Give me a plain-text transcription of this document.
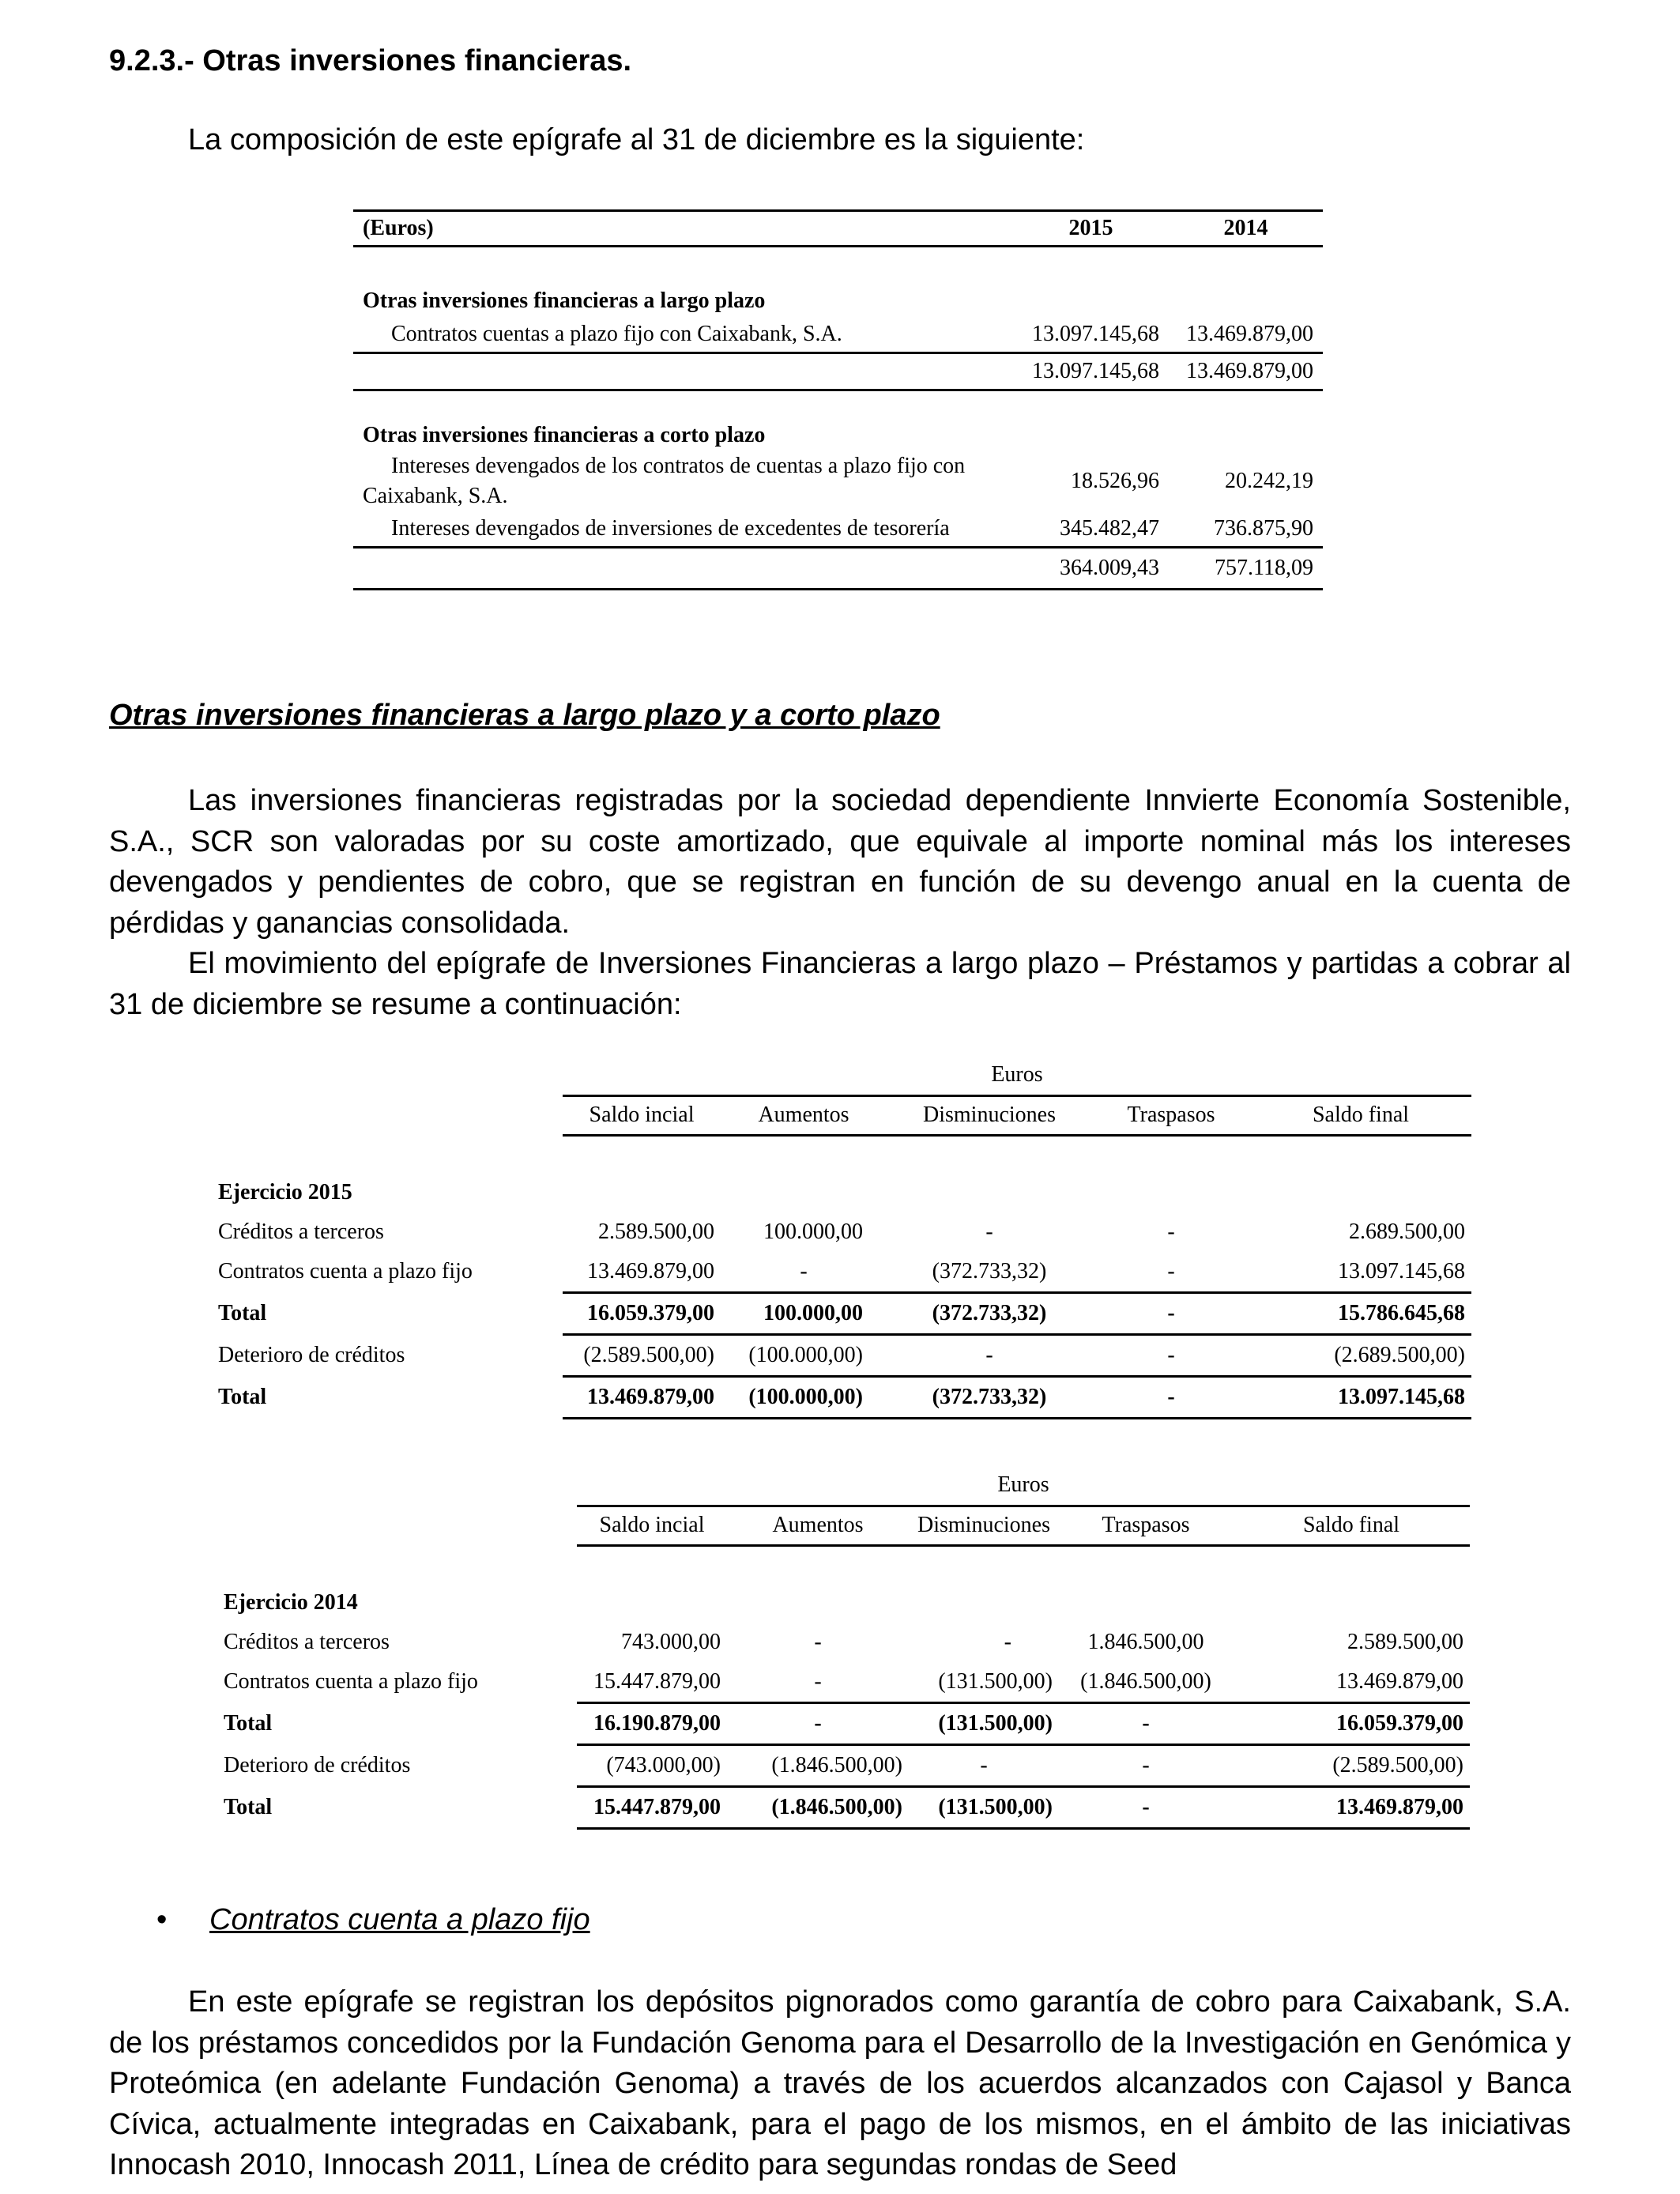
9.2.3.- Otras inversiones financieras.
La composición de este epígrafe al 31 de diciembre es la siguiente:
(Euros)	2015	2014

Otras inversiones financieras a largo plazo		
Contratos cuentas a plazo fijo con Caixabank, S.A.	13.097.145,68	13.469.879,00
	13.097.145,68	13.469.879,00

Otras inversiones financieras a corto plazo		

Intereses devengados de los contratos de cuentas a plazo fijo con
Caixabank, S.A.	18.526,96	20.242,19
Intereses devengados de inversiones de excedentes de tesorería	345.482,47	736.875,90
	364.009,43	757.118,09
Otras inversiones financieras a largo plazo y a corto plazo

Las inversiones financieras registradas por la sociedad dependiente Innvierte Economía Sostenible, S.A., SCR son valoradas por su coste amortizado, que equivale al importe nominal más los intereses devengados y pendientes de cobro, que se registran en función de su devengo anual en la cuenta de pérdidas y ganancias consolidada.

El movimiento del epígrafe de Inversiones Financieras a largo plazo – Préstamos y partidas a cobrar al 31 de diciembre se resume a continuación:

	Euros				
	Saldo incial	Aumentos	Disminuciones	Traspasos	Saldo final

Ejercicio 2015					
Créditos a terceros	2.589.500,00	100.000,00	-	-	2.689.500,00
Contratos cuenta a plazo fijo	13.469.879,00	-	(372.733,32)	-	13.097.145,68
Total	16.059.379,00	100.000,00	(372.733,32)	-	15.786.645,68
Deterioro de créditos	(2.589.500,00)	(100.000,00)	-	-	(2.689.500,00)
Total	13.469.879,00	(100.000,00)	(372.733,32)	-	13.097.145,68
	Euros				
	Saldo incial	Aumentos	Disminuciones	Traspasos	Saldo final

Ejercicio 2014					
Créditos a terceros	743.000,00	-	-	1.846.500,00	2.589.500,00
Contratos cuenta a plazo fijo	15.447.879,00	-	(131.500,00)	(1.846.500,00)	13.469.879,00
Total	16.190.879,00	-	(131.500,00)	-	16.059.379,00
Deterioro de créditos	(743.000,00)	(1.846.500,00)	-	-	(2.589.500,00)
Total	15.447.879,00	(1.846.500,00)	(131.500,00)	-	13.469.879,00
• Contratos cuenta a plazo fijo

En este epígrafe se registran los depósitos pignorados como garantía de cobro para Caixabank, S.A. de los préstamos concedidos por la Fundación Genoma para el Desarrollo de la Investigación en Genómica y Proteómica (en adelante Fundación Genoma) a través de los acuerdos alcanzados con Cajasol y Banca Cívica, actualmente integradas en Caixabank, para el pago de los mismos, en el ámbito de las iniciativas Innocash 2010, Innocash 2011, Línea de crédito para segundas rondas de Seed
